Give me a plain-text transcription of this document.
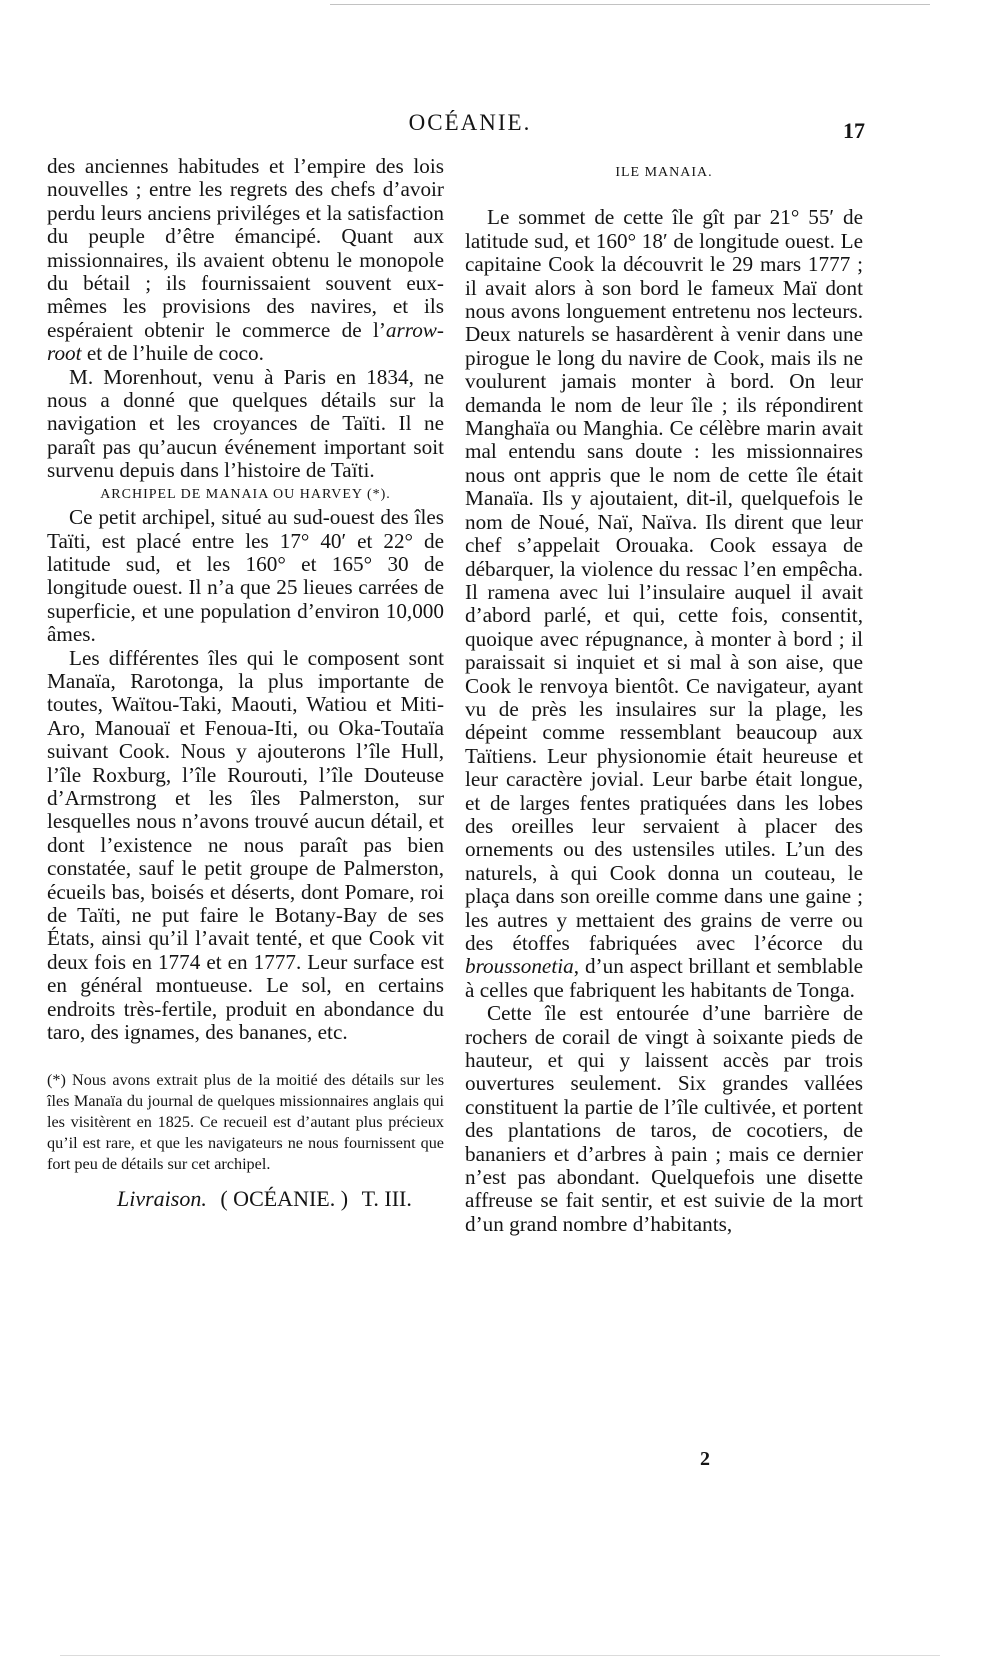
OCÉANIE.	17

des anciennes habitudes et l’empire des lois nouvelles ; entre les regrets des chefs d’avoir perdu leurs anciens priviléges et la satisfaction du peuple d’être émancipé. Quant aux missionnaires, ils avaient obtenu le monopole du bétail ; ils fournissaient souvent eux-mêmes les provisions des navires, et ils espéraient obtenir le commerce de l’arrow-root et de l’huile de coco.

M. Morenhout, venu à Paris en 1834, ne nous a donné que quelques détails sur la navigation et les croyances de Taïti. Il ne paraît pas qu’aucun événement important soit survenu depuis dans l’histoire de Taïti.

ARCHIPEL DE MANAIA OU HARVEY (*).

Ce petit archipel, situé au sud-ouest des îles Taïti, est placé entre les 17° 40′ et 22° de latitude sud, et les 160° et 165° 30 de longitude ouest. Il n’a que 25 lieues carrées de superficie, et une population d’environ 10,000 âmes.

Les différentes îles qui le composent sont Manaïa, Rarotonga, la plus importante de toutes, Waïtou-Taki, Maouti, Watiou et Miti-Aro, Manouaï et Fenoua-Iti, ou Oka-Toutaïa suivant Cook. Nous y ajouterons l’île Hull, l’île Roxburg, l’île Rourouti, l’île Douteuse d’Armstrong et les îles Palmerston, sur lesquelles nous n’avons trouvé aucun détail, et dont l’existence ne nous paraît pas bien constatée, sauf le petit groupe de Palmerston, écueils bas, boisés et déserts, dont Pomare, roi de Taïti, ne put faire le Botany-Bay de ses États, ainsi qu’il l’avait tenté, et que Cook vit deux fois en 1774 et en 1777. Leur surface est en général montueuse. Le sol, en certains endroits très-fertile, produit en abondance du taro, des ignames, des bananes, etc.

(*) Nous avons extrait plus de la moitié des détails sur les îles Manaïa du journal de quelques missionnaires anglais qui les visitèrent en 1825. Ce recueil est d’autant plus précieux qu’il est rare, et que les navigateurs ne nous fournissent que fort peu de détails sur cet archipel.

Livraison. ( OCÉANIE. ) T. III.

ILE MANAIA.

Le sommet de cette île gît par 21° 55′ de latitude sud, et 160° 18′ de longitude ouest. Le capitaine Cook la découvrit le 29 mars 1777 ; il avait alors à son bord le fameux Maï dont nous avons longuement entretenu nos lecteurs. Deux naturels se hasardèrent à venir dans une pirogue le long du navire de Cook, mais ils ne voulurent jamais monter à bord. On leur demanda le nom de leur île ; ils répondirent Manghaïa ou Manghia. Ce célèbre marin avait mal entendu sans doute : les missionnaires nous ont appris que le nom de cette île était Manaïa. Ils y ajoutaient, dit-il, quelquefois le nom de Noué, Naï, Naïva. Ils dirent que leur chef s’appelait Orouaka. Cook essaya de débarquer, la violence du ressac l’en empêcha. Il ramena avec lui l’insulaire auquel il avait d’abord parlé, et qui, cette fois, consentit, quoique avec répugnance, à monter à bord ; il paraissait si inquiet et si mal à son aise, que Cook le renvoya bientôt. Ce navigateur, ayant vu de près les insulaires sur la plage, les dépeint comme ressemblant beaucoup aux Taïtiens. Leur physionomie était heureuse et leur caractère jovial. Leur barbe était longue, et de larges fentes pratiquées dans les lobes des oreilles leur servaient à placer des ornements ou des ustensiles utiles. L’un des naturels, à qui Cook donna un couteau, le plaça dans son oreille comme dans une gaine ; les autres y mettaient des grains de verre ou des étoffes fabriquées avec l’écorce du broussonetia, d’un aspect brillant et semblable à celles que fabriquent les habitants de Tonga.

Cette île est entourée d’une barrière de rochers de corail de vingt à soixante pieds de hauteur, et qui y laissent accès par trois ouvertures seulement. Six grandes vallées constituent la partie de l’île cultivée, et portent des plantations de taros, de cocotiers, de bananiers et d’arbres à pain ; mais ce dernier n’est pas abondant. Quelquefois une disette affreuse se fait sentir, et est suivie de la mort d’un grand nombre d’habitants,

2
